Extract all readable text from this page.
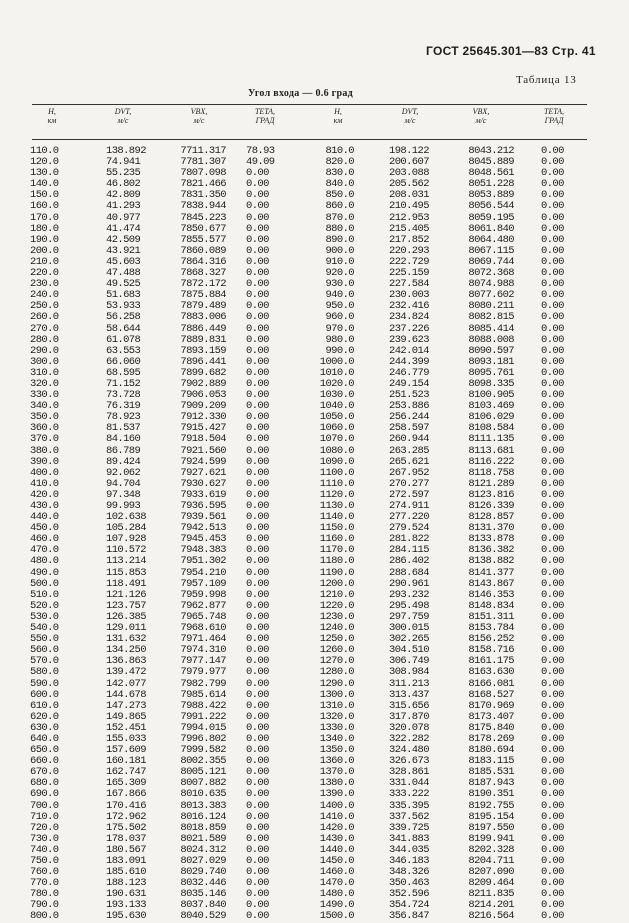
ГОСТ 25645.301—83 Стр. 41
Таблица 13
Угол входа — 0.6 град
H,
км
DVT,
м/с
VBX,
м/с
TETA,
ГРАД
H,
км
DVT,
м/с
VBX,
м/с
TETA,
ГРАД
110.0
120.0
130.0
140.0
150.0
160.0
170.0
180.0
190.0
200.0
210.0
220.0
230.0
240.0
250.0
260.0
270.0
280.0
290.0
300.0
310.0
320.0
330.0
340.0
350.0
360.0
370.0
380.0
390.0
400.0
410.0
420.0
430.0
440.0
450.0
460.0
470.0
480.0
490.0
500.0
510.0
520.0
530.0
540.0
550.0
560.0
570.0
580.0
590.0
600.0
610.0
620.0
630.0
640.0
650.0
660.0
670.0
680.0
690.0
700.0
710.0
720.0
730.0
740.0
750.0
760.0
770.0
780.0
790.0
800.0
138.892
74.941
55.235
46.802
42.809
41.293
40.977
41.474
42.509
43.921
45.603
47.488
49.525
51.683
53.933
56.258
58.644
61.078
63.553
66.060
68.595
71.152
73.728
76.319
78.923
81.537
84.160
86.789
89.424
92.062
94.704
97.348
99.993
102.638
105.284
107.928
110.572
113.214
115.853
118.491
121.126
123.757
126.385
129.011
131.632
134.250
136.863
139.472
142.077
144.678
147.273
149.865
152.451
155.033
157.609
160.181
162.747
165.309
167.866
170.416
172.962
175.502
178.037
180.567
183.091
185.610
188.123
190.631
193.133
195.630
7711.317
7781.307
7807.098
7821.466
7831.350
7838.944
7845.223
7850.677
7855.577
7860.089
7864.316
7868.327
7872.172
7875.884
7879.489
7883.006
7886.449
7889.831
7893.159
7896.441
7899.682
7902.889
7906.053
7909.209
7912.330
7915.427
7918.504
7921.560
7924.599
7927.621
7930.627
7933.619
7936.595
7939.561
7942.513
7945.453
7948.383
7951.302
7954.210
7957.109
7959.998
7962.877
7965.748
7968.610
7971.464
7974.310
7977.147
7979.977
7982.799
7985.614
7988.422
7991.222
7994.015
7996.802
7999.582
8002.355
8005.121
8007.882
8010.635
8013.383
8016.124
8018.859
8021.589
8024.312
8027.029
8029.740
8032.446
8035.146
8037.840
8040.529
78.93
49.09
0.00
0.00
0.00
0.00
0.00
0.00
0.00
0.00
0.00
0.00
0.00
0.00
0.00
0.00
0.00
0.00
0.00
0.00
0.00
0.00
0.00
0.00
0.00
0.00
0.00
0.00
0.00
0.00
0.00
0.00
0.00
0.00
0.00
0.00
0.00
0.00
0.00
0.00
0.00
0.00
0.00
0.00
0.00
0.00
0.00
0.00
0.00
0.00
0.00
0.00
0.00
0.00
0.00
0.00
0.00
0.00
0.00
0.00
0.00
0.00
0.00
0.00
0.00
0.00
0.00
0.00
0.00
0.00
810.0
820.0
830.0
840.0
850.0
860.0
870.0
880.0
890.0
900.0
910.0
920.0
930.0
940.0
950.0
960.0
970.0
980.0
990.0
1000.0
1010.0
1020.0
1030.0
1040.0
1050.0
1060.0
1070.0
1080.0
1090.0
1100.0
1110.0
1120.0
1130.0
1140.0
1150.0
1160.0
1170.0
1180.0
1190.0
1200.0
1210.0
1220.0
1230.0
1240.0
1250.0
1260.0
1270.0
1280.0
1290.0
1300.0
1310.0
1320.0
1330.0
1340.0
1350.0
1360.0
1370.0
1380.0
1390.0
1400.0
1410.0
1420.0
1430.0
1440.0
1450.0
1460.0
1470.0
1480.0
1490.0
1500.0
198.122
200.607
203.088
205.562
208.031
210.495
212.953
215.405
217.852
220.293
222.729
225.159
227.584
230.003
232.416
234.824
237.226
239.623
242.014
244.399
246.779
249.154
251.523
253.886
256.244
258.597
260.944
263.285
265.621
267.952
270.277
272.597
274.911
277.220
279.524
281.822
284.115
286.402
288.684
290.961
293.232
295.498
297.759
300.015
302.265
304.510
306.749
308.984
311.213
313.437
315.656
317.870
320.078
322.282
324.480
326.673
328.861
331.044
333.222
335.395
337.562
339.725
341.883
344.035
346.183
348.326
350.463
352.596
354.724
356.847
8043.212
8045.889
8048.561
8051.228
8053.889
8056.544
8059.195
8061.840
8064.480
8067.115
8069.744
8072.368
8074.988
8077.602
8080.211
8082.815
8085.414
8088.008
8090.597
8093.181
8095.761
8098.335
8100.905
8103.469
8106.029
8108.584
8111.135
8113.681
8116.222
8118.758
8121.289
8123.816
8126.339
8128.857
8131.370
8133.878
8136.382
8138.882
8141.377
8143.867
8146.353
8148.834
8151.311
8153.784
8156.252
8158.716
8161.175
8163.630
8166.081
8168.527
8170.969
8173.407
8175.840
8178.269
8180.694
8183.115
8185.531
8187.943
8190.351
8192.755
8195.154
8197.550
8199.941
8202.328
8204.711
8207.090
8209.464
8211.835
8214.201
8216.564
0.00
0.00
0.00
0.00
0.00
0.00
0.00
0.00
0.00
0.00
0.00
0.00
0.00
0.00
0.00
0.00
0.00
0.00
0.00
0.00
0.00
0.00
0.00
0.00
0.00
0.00
0.00
0.00
0.00
0.00
0.00
0.00
0.00
0.00
0.00
0.00
0.00
0.00
0.00
0.00
0.00
0.00
0.00
0.00
0.00
0.00
0.00
0.00
0.00
0.00
0.00
0.00
0.00
0.00
0.00
0.00
0.00
0.00
0.00
0.00
0.00
0.00
0.00
0.00
0.00
0.00
0.00
0.00
0.00
0.00
